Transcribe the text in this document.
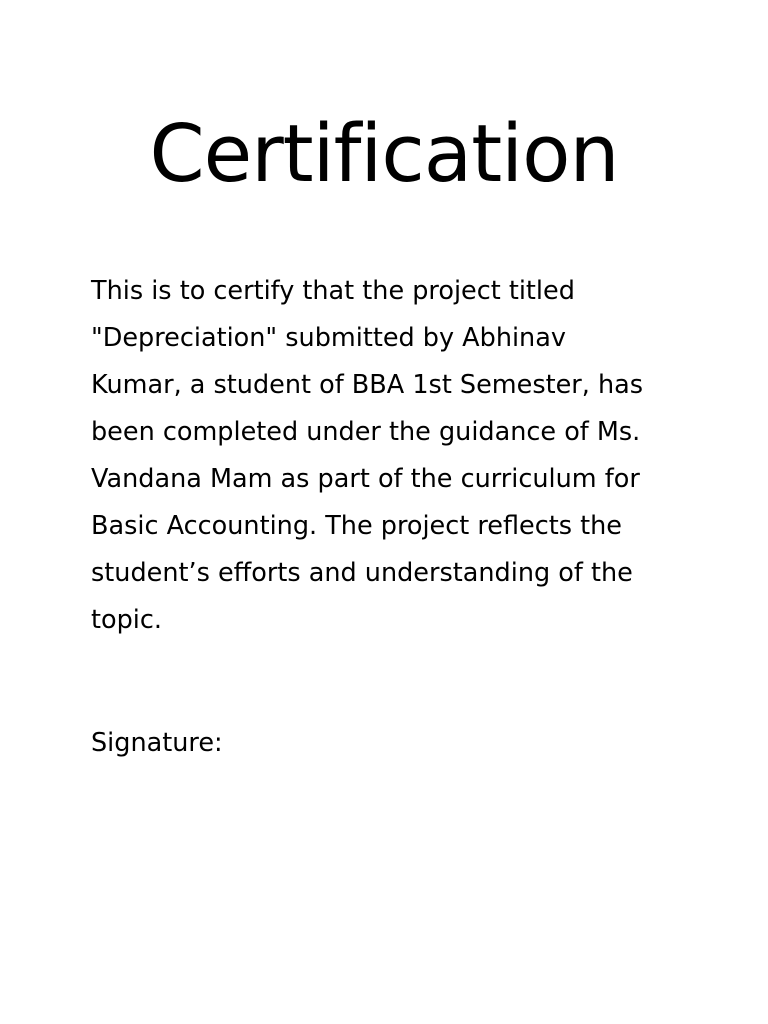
Certification

This is to certify that the project titled
"Depreciation" submitted by Abhinav
Kumar, a student of BBA 1st Semester, has
been completed under the guidance of Ms.
Vandana Mam as part of the curriculum for
Basic Accounting. The project reflects the
student’s efforts and understanding of the
topic.

Signature:
